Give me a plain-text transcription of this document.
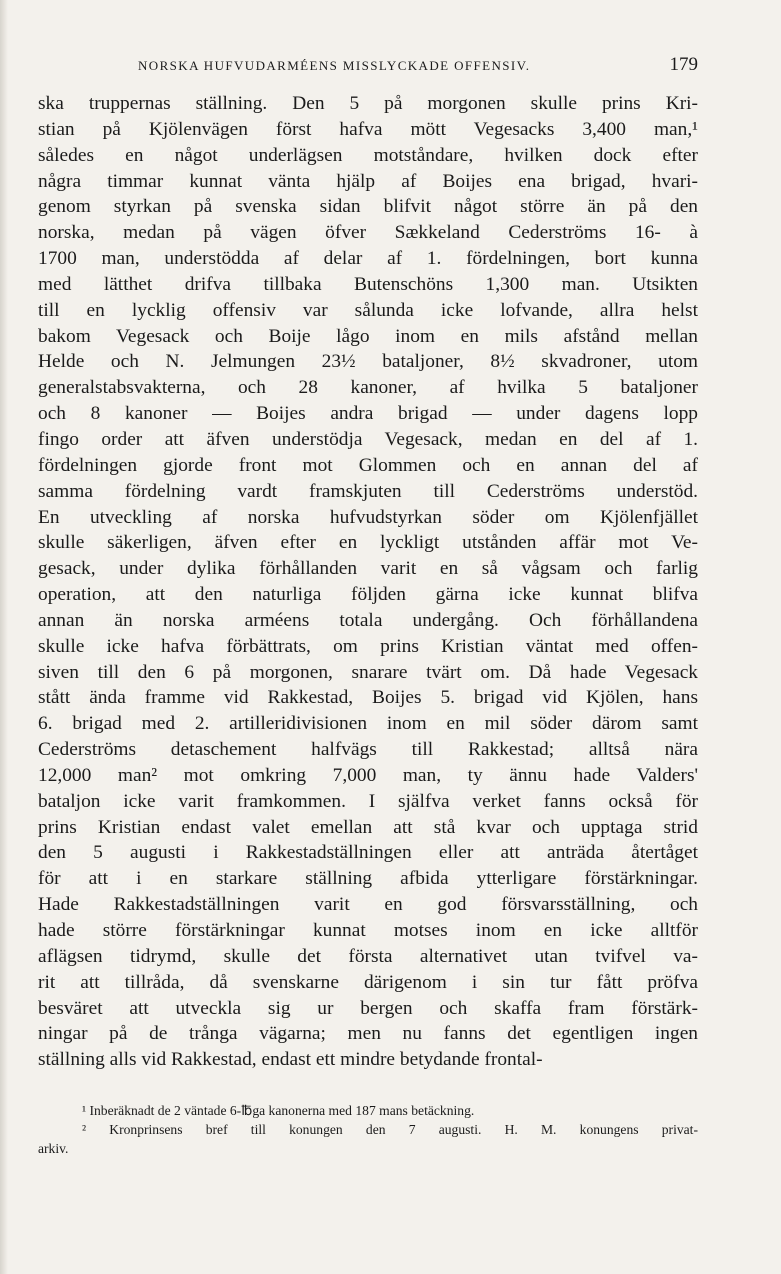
NORSKA HUFVUDARMÉENS MISSLYCKADE OFFENSIV.	179
ska truppernas ställning. Den 5 på morgonen skulle prins Kri-
stian på Kjölenvägen först hafva mött Vegesacks 3,400 man,¹
således en något underlägsen motståndare, hvilken dock efter
några timmar kunnat vänta hjälp af Boijes ena brigad, hvari-
genom styrkan på svenska sidan blifvit något större än på den
norska, medan på vägen öfver Sækkeland Cederströms 16- à
1700 man, understödda af delar af 1. fördelningen, bort kunna
med lätthet drifva tillbaka Butenschöns 1,300 man. Utsikten
till en lycklig offensiv var sålunda icke lofvande, allra helst
bakom Vegesack och Boije lågo inom en mils afstånd mellan
Helde och N. Jelmungen 23½ bataljoner, 8½ skvadroner, utom
generalstabsvakterna, och 28 kanoner, af hvilka 5 bataljoner
och 8 kanoner — Boijes andra brigad — under dagens lopp
fingo order att äfven understödja Vegesack, medan en del af 1.
fördelningen gjorde front mot Glommen och en annan del af
samma fördelning vardt framskjuten till Cederströms understöd.
En utveckling af norska hufvudstyrkan söder om Kjölenfjället
skulle säkerligen, äfven efter en lyckligt utstånden affär mot Ve-
gesack, under dylika förhållanden varit en så vågsam och farlig
operation, att den naturliga följden gärna icke kunnat blifva
annan än norska arméens totala undergång. Och förhållandena
skulle icke hafva förbättrats, om prins Kristian väntat med offen-
siven till den 6 på morgonen, snarare tvärt om. Då hade Vegesack
stått ända framme vid Rakkestad, Boijes 5. brigad vid Kjölen, hans
6. brigad med 2. artilleridivisionen inom en mil söder därom samt
Cederströms detaschement halfvägs till Rakkestad; alltså nära
12,000 man² mot omkring 7,000 man, ty ännu hade Valders'
bataljon icke varit framkommen. I själfva verket fanns också för
prins Kristian endast valet emellan att stå kvar och upptaga strid
den 5 augusti i Rakkestadställningen eller att anträda återtåget
för att i en starkare ställning afbida ytterligare förstärkningar.
Hade Rakkestadställningen varit en god försvarsställning, och
hade större förstärkningar kunnat motses inom en icke alltför
aflägsen tidrymd, skulle det första alternativet utan tvifvel va-
rit att tillråda, då svenskarne därigenom i sin tur fått pröfva
besväret att utveckla sig ur bergen och skaffa fram förstärk-
ningar på de trånga vägarna; men nu fanns det egentligen ingen
ställning alls vid Rakkestad, endast ett mindre betydande frontal-
¹ Inberäknadt de 2 väntade 6-℔ga kanonerna med 187 mans betäckning.
² Kronprinsens bref till konungen den 7 augusti. H. M. konungens privat-
arkiv.
